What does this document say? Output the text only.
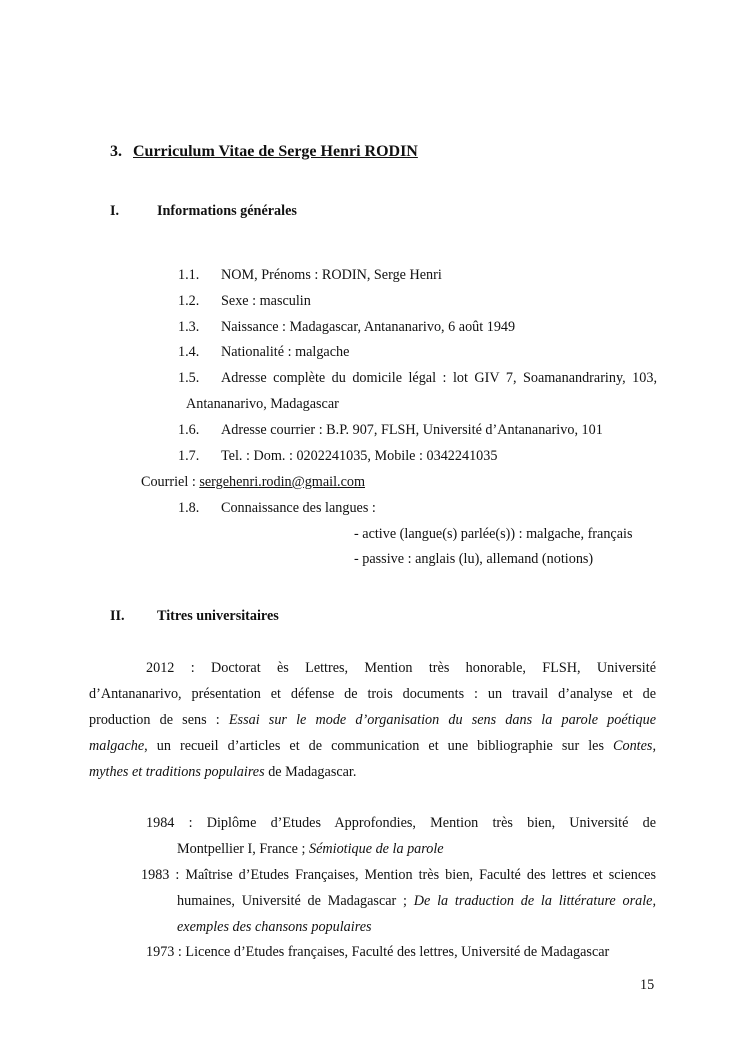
3. Curriculum Vitae de Serge Henri RODIN
I.	Informations générales
1.1. NOM, Prénoms : RODIN, Serge Henri
1.2. Sexe : masculin
1.3. Naissance : Madagascar, Antananarivo, 6 août 1949
1.4. Nationalité : malgache
1.5. Adresse complète du domicile légal : lot GIV 7, Soamanandrariny, 103,
Antananarivo, Madagascar
1.6. Adresse courrier : B.P. 907, FLSH, Université d’Antananarivo, 101
1.7. Tel. : Dom. : 0202241035, Mobile : 0342241035
Courriel : sergehenri.rodin@gmail.com
1.8. Connaissance des langues :
- active (langue(s) parlée(s)) : malgache, français
- passive : anglais (lu), allemand (notions)
II. Titres universitaires
2012 : Doctorat ès Lettres, Mention très honorable, FLSH, Université
d’Antananarivo, présentation et défense de trois documents : un travail d’analyse et de
production de sens : Essai sur le mode d’organisation du sens dans la parole poétique
malgache, un recueil d’articles et de communication et une bibliographie sur les Contes,
mythes et traditions populaires de Madagascar.
1984 : Diplôme d’Etudes Approfondies, Mention très bien, Université de
Montpellier I, France ; Sémiotique de la parole
1983 : Maîtrise d’Etudes Françaises, Mention très bien, Faculté des lettres et sciences
humaines, Université de Madagascar ; De la traduction de la littérature orale,
exemples des chansons populaires
1973 : Licence d’Etudes françaises, Faculté des lettres, Université de Madagascar
15
